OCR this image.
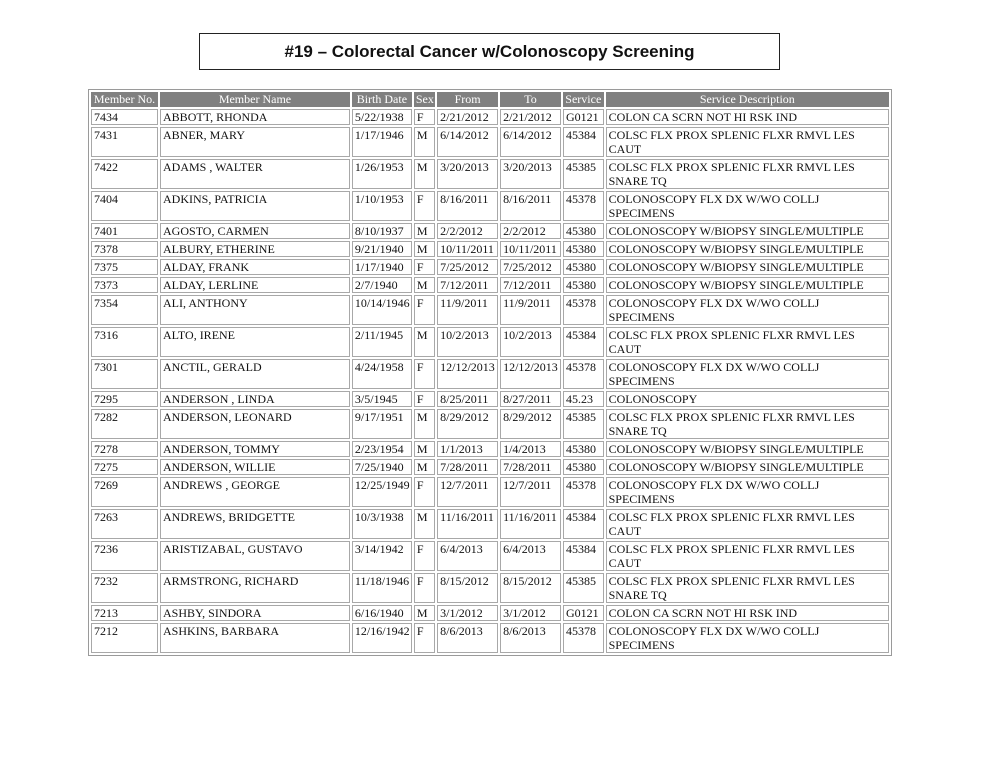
#19 – Colorectal Cancer w/Colonoscopy Screening
Member No.	Member Name	Birth Date	Sex	From	To	Service	Service Description
7434	ABBOTT, RHONDA	5/22/1938	F	2/21/2012	2/21/2012	G0121	COLON CA SCRN NOT HI RSK IND
7431	ABNER, MARY	1/17/1946	M	6/14/2012	6/14/2012	45384	COLSC FLX PROX SPLENIC FLXR RMVL LES CAUT
7422	ADAMS , WALTER	1/26/1953	M	3/20/2013	3/20/2013	45385	COLSC FLX PROX SPLENIC FLXR RMVL LES SNARE TQ
7404	ADKINS, PATRICIA	1/10/1953	F	8/16/2011	8/16/2011	45378	COLONOSCOPY FLX DX W/WO COLLJ SPECIMENS
7401	AGOSTO, CARMEN	8/10/1937	M	2/2/2012	2/2/2012	45380	COLONOSCOPY W/BIOPSY SINGLE/MULTIPLE
7378	ALBURY, ETHERINE	9/21/1940	M	10/11/2011	10/11/2011	45380	COLONOSCOPY W/BIOPSY SINGLE/MULTIPLE
7375	ALDAY, FRANK	1/17/1940	F	7/25/2012	7/25/2012	45380	COLONOSCOPY W/BIOPSY SINGLE/MULTIPLE
7373	ALDAY, LERLINE	2/7/1940	M	7/12/2011	7/12/2011	45380	COLONOSCOPY W/BIOPSY SINGLE/MULTIPLE
7354	ALI, ANTHONY	10/14/1946	F	11/9/2011	11/9/2011	45378	COLONOSCOPY FLX DX W/WO COLLJ SPECIMENS
7316	ALTO, IRENE	2/11/1945	M	10/2/2013	10/2/2013	45384	COLSC FLX PROX SPLENIC FLXR RMVL LES CAUT
7301	ANCTIL, GERALD	4/24/1958	F	12/12/2013	12/12/2013	45378	COLONOSCOPY FLX DX W/WO COLLJ SPECIMENS
7295	ANDERSON , LINDA	3/5/1945	F	8/25/2011	8/27/2011	45.23	COLONOSCOPY
7282	ANDERSON, LEONARD	9/17/1951	M	8/29/2012	8/29/2012	45385	COLSC FLX PROX SPLENIC FLXR RMVL LES SNARE TQ
7278	ANDERSON, TOMMY	2/23/1954	M	1/1/2013	1/4/2013	45380	COLONOSCOPY W/BIOPSY SINGLE/MULTIPLE
7275	ANDERSON, WILLIE	7/25/1940	M	7/28/2011	7/28/2011	45380	COLONOSCOPY W/BIOPSY SINGLE/MULTIPLE
7269	ANDREWS , GEORGE	12/25/1949	F	12/7/2011	12/7/2011	45378	COLONOSCOPY FLX DX W/WO COLLJ SPECIMENS
7263	ANDREWS, BRIDGETTE	10/3/1938	M	11/16/2011	11/16/2011	45384	COLSC FLX PROX SPLENIC FLXR RMVL LES CAUT
7236	ARISTIZABAL, GUSTAVO	3/14/1942	F	6/4/2013	6/4/2013	45384	COLSC FLX PROX SPLENIC FLXR RMVL LES CAUT
7232	ARMSTRONG, RICHARD	11/18/1946	F	8/15/2012	8/15/2012	45385	COLSC FLX PROX SPLENIC FLXR RMVL LES SNARE TQ
7213	ASHBY, SINDORA	6/16/1940	M	3/1/2012	3/1/2012	G0121	COLON CA SCRN NOT HI RSK IND
7212	ASHKINS, BARBARA	12/16/1942	F	8/6/2013	8/6/2013	45378	COLONOSCOPY FLX DX W/WO COLLJ SPECIMENS
